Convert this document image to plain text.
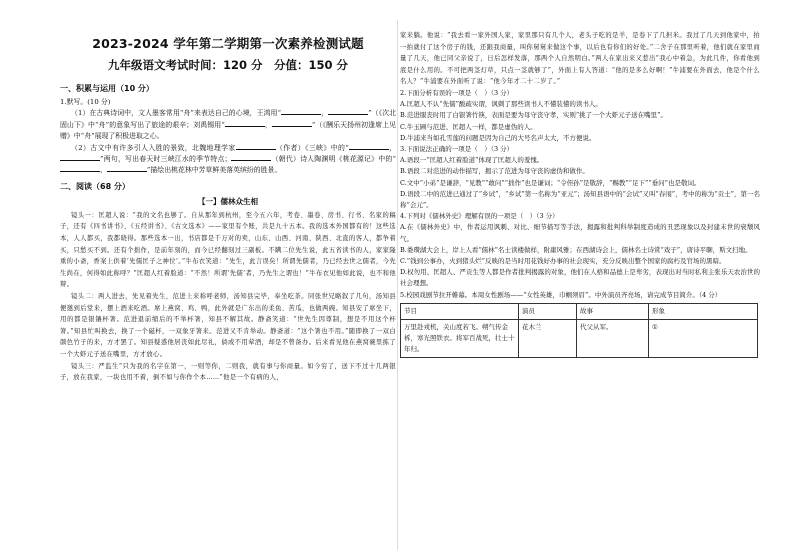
2023-2024 学年第二学期第一次素养检测试题
九年级语文考试时间：120 分　分值：150 分
一、积累与运用（10 分）

1.默写。(10 分)

（1）在古典诗词中，文人墨客常用“舟”来表达自己的心境，王鸿用“	，	”（《次北固山下》中“舟”的意象写出了旅途的艰辛；刘禹锡用“	，	”（《酬乐天扬州初逢席上见赠》中“舟”展现了积极进取之心。

（2）古文中有许多引人入胜的景致，北魏地理学家	（作者）《三峡》中的“	，”两句，写出春天时三峡江水的季节特点；	（朝代）诗人陶渊明《桃花源记》中的“，	”描绘出桃花林中芳草鲜美落英缤纷的胜景。

二、阅读（68 分）
【一】儒林众生相

镜头一：匡超人说：“我的文名也够了。自从那年到杭州，至今五六年，考卷、墨卷、房书、行书、名家的稿子，还有《四书讲书》、《五经讲书》、《古文选本》——家里有个账，共是九十五本。我的选本外国都有的！这些选本，人人都买，我都晓得。那些选本一出，书店都是千万对的卖，山东、山西、河南、陕西、北直的客人，都争着买，只愁买不到。还有个拙作，是前年刻的，而今已经翻刻过三副板。不瞒二位先生说，此五省读书的人，家家隆重的小斋，香案上供着‘先儒匡子之神位’。”牛布衣笑道：“先生，此言误矣！所谓先儒者，乃已经去世之儒者，今先生尚在，何得如此称呼？”匡超人红着脸道：“不然！所谓‘先儒’者，乃先生之谓也！”牛布衣见他如此说，也不和他辩。

镜头二：两人进去，先见着先生，范进上来称呼老师，汤知县完毕，奉坐吃茶。同张世兄略叙了几句，汤知县便邀到后堂来，摆上酒来吃酒。席上燕窝、鸡、鸭，此外就是广东出的柔鱼、苦瓜，也做两碗。知县安了席坐下，用的都是银镶杯箸。范进退前缩后的不举杯箸，知县不解其故。静斋笑道：“世先生因尊制，想是不用这个杯箸。”知县忙叫换去，换了一个磁杯，一双象牙箸来。范进又不肯举动。静斋道：“这个箸也不用。”随即换了一双白颜色竹子的来，方才罢了。知县疑惑他居丧如此尽礼，倘或不用荤酒，却是不曾备办。后来看见他在燕窝碗里拣了一个大虾元子送在嘴里，方才放心。

镜头三：严监生“只为我的名字在第一，一则等你，二则我，就有事与你商量。如今穷了，送下不过十几两银子，放在我家，一块也用不着，倒不如与你作个本……”他是一个有病的人，

家来躺。他说：“我去看一家外国人家，家里那只有几个人，老头子吃的是羊，是卷下了几担米。我过了几天到他家中，拍一拍就付了这个房子的钱，还跟我商量，叫你舅舅来做这个事，以后也有你们的好处。”二舍子在那里听着，他们就在家里商量了几天，他已同父亲说了，日后怎样发落，那两个人自然明白。”两人在家出来又惹出“我心中着急，为此几件，你看他到底是什么用的。不可把两茎灯草，只点一茎就够了”，外面上有人答道：“他的是多么好啊！”牛浦要在外面去，他是个什么名人？”牛浦要在外面听了说：“他今年才二十二岁了。”

2.下面分析有误的一项是（　）（3 分）

A.匡超人不认“先儒”酸疏实谓，讽刺了那些读书人不懂装懂的读书人。

B.范进服丧时用了白银箸竹筷，表面是要为母守丧守孝，实则“挑了一个大虾元子送在嘴里”。

C.牛玉圃与范进、匡超人一样，都是虚伪的人。

D.牛浦来当如孔雪莲的问题是因为自己的大号名声太大，不方便说。

3.下面说法正确的一项是（　）（3 分）

A.语段一“匡超人红着脸道”体现了匡超人的羞愧。

B.语段二对范进的动作描写，揭示了范进为母守丧的虚伪和做作。

C.文中“小弟”是谦辞，“见教”“敢问”“拙作”也是谦词；“令侄孙”是敬辞，“赐教”“足下”“垂问”也是敬词。

D.语段二中的范进已通过了“乡试”，“乡试”第一名称为“亚元”；汤知县语中的“会试”又叫“春闱”，考中的称为“贡士”，第一名称“会元”。

4.下列对《儒林外史》理解有误的一项是（　）（3 分）

A.在《儒林外史》中，作者运用讽刺、对比、细节描写等手法，揭露和批判科举制度造成的丑恶现象以及封建末世的衰颓风气。

B.娄瓒湖大会上，岸上人看“儒林”名士读楼做样，附庸风雅；在西湖诗会上，儒林名士诗赏“戏子”，唐诗平聊，斯文扫地。

C.“钱到公事办，火到猪头烂”反映的是当时用花钱好办事的社会现实，充分反映出整个国家的腐朽及官场的黑暗。

D.权勿用、匡超人、严贡生等人都是作者批判揭露的对象，他们在人格和品德上是卑劣，表现出对当时私利主张乐天农治世的社会理想。

5.校园戏剧节拉开帷幕。本周女性剧场——“女性英雄，巾帼须眉”。中外演员齐亮场，请完成节目简介。（4 分）

节目	演员	故事	形象
万里赴戎机，关山度若飞。朔气传金柝，寒光照铁衣。将军百战死，壮士十年归。	花木兰	代父从军。	①
